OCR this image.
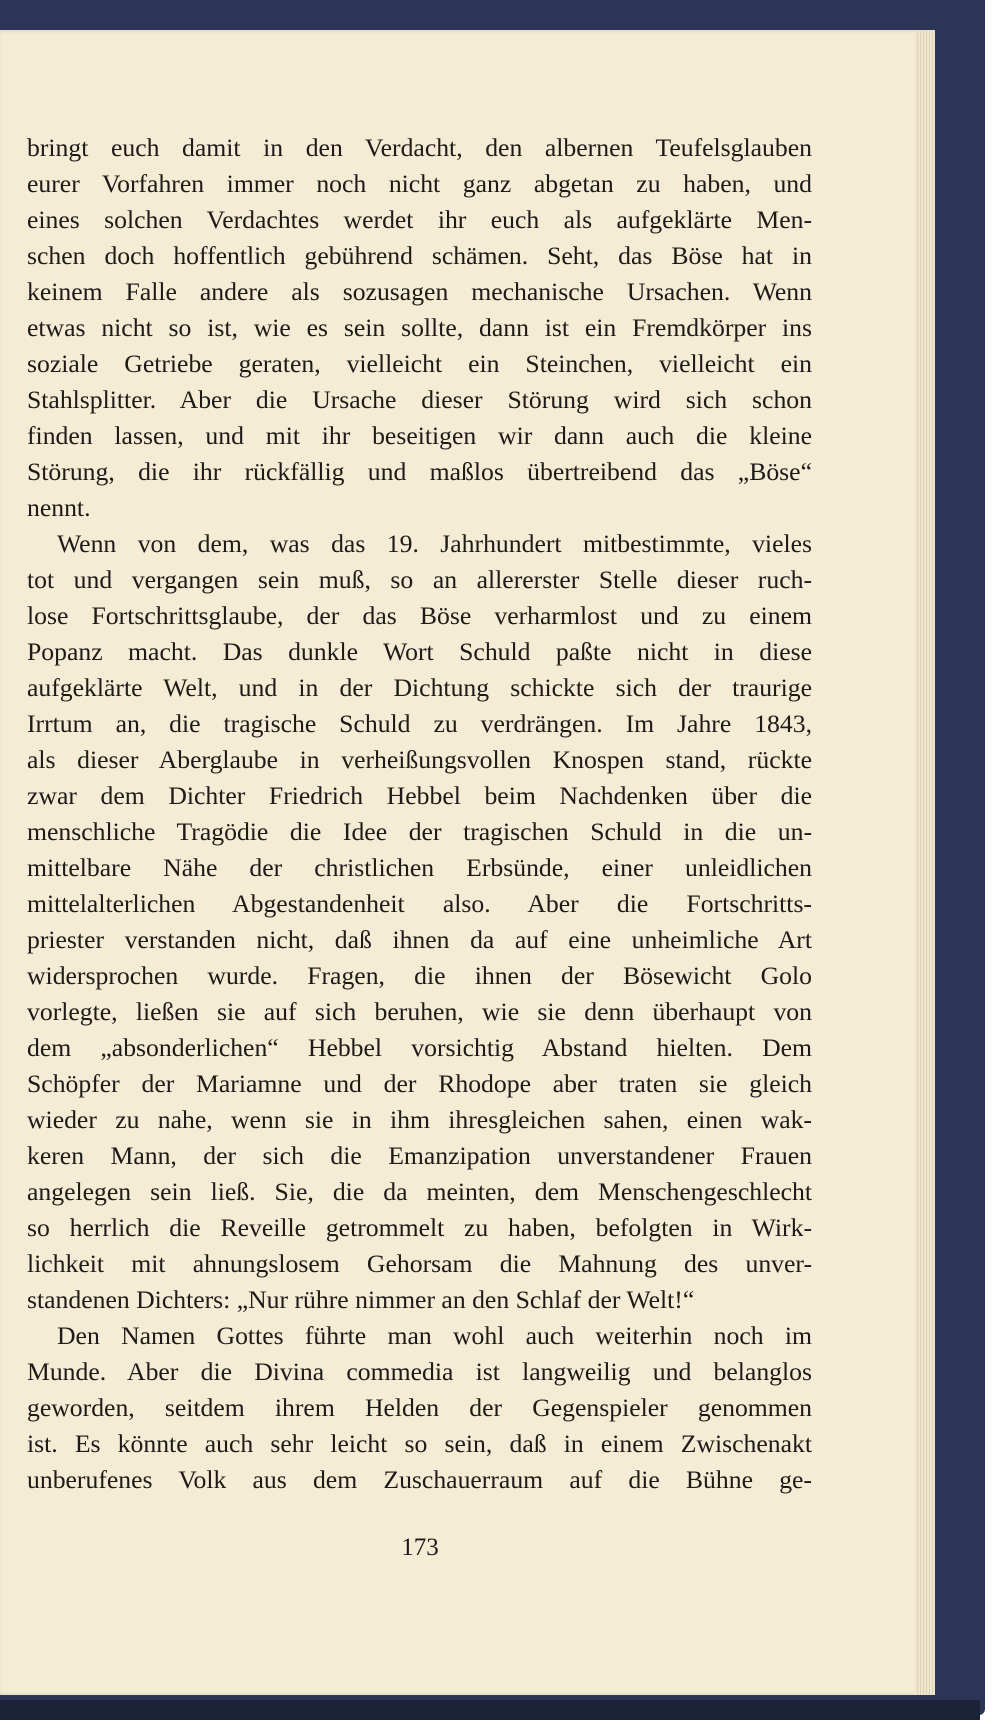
bringt euch damit in den Verdacht, den albernen Teufelsglauben
eurer Vorfahren immer noch nicht ganz abgetan zu haben, und
eines solchen Verdachtes werdet ihr euch als aufgeklärte Men-
schen doch hoffentlich gebührend schämen. Seht, das Böse hat in
keinem Falle andere als sozusagen mechanische Ursachen. Wenn
etwas nicht so ist, wie es sein sollte, dann ist ein Fremdkörper ins
soziale Getriebe geraten, vielleicht ein Steinchen, vielleicht ein
Stahlsplitter. Aber die Ursache dieser Störung wird sich schon
finden lassen, und mit ihr beseitigen wir dann auch die kleine
Störung, die ihr rückfällig und maßlos übertreibend das „Böse“
nennt.
Wenn von dem, was das 19. Jahrhundert mitbestimmte, vieles
tot und vergangen sein muß, so an allererster Stelle dieser ruch-
lose Fortschrittsglaube, der das Böse verharmlost und zu einem
Popanz macht. Das dunkle Wort Schuld paßte nicht in diese
aufgeklärte Welt, und in der Dichtung schickte sich der traurige
Irrtum an, die tragische Schuld zu verdrängen. Im Jahre 1843,
als dieser Aberglaube in verheißungsvollen Knospen stand, rückte
zwar dem Dichter Friedrich Hebbel beim Nachdenken über die
menschliche Tragödie die Idee der tragischen Schuld in die un-
mittelbare Nähe der christlichen Erbsünde, einer unleidlichen
mittelalterlichen Abgestandenheit also. Aber die Fortschritts-
priester verstanden nicht, daß ihnen da auf eine unheimliche Art
widersprochen wurde. Fragen, die ihnen der Bösewicht Golo
vorlegte, ließen sie auf sich beruhen, wie sie denn überhaupt von
dem „absonderlichen“ Hebbel vorsichtig Abstand hielten. Dem
Schöpfer der Mariamne und der Rhodope aber traten sie gleich
wieder zu nahe, wenn sie in ihm ihresgleichen sahen, einen wak-
keren Mann, der sich die Emanzipation unverstandener Frauen
angelegen sein ließ. Sie, die da meinten, dem Menschengeschlecht
so herrlich die Reveille getrommelt zu haben, befolgten in Wirk-
lichkeit mit ahnungslosem Gehorsam die Mahnung des unver-
standenen Dichters: „Nur rühre nimmer an den Schlaf der Welt!“
Den Namen Gottes führte man wohl auch weiterhin noch im
Munde. Aber die Divina commedia ist langweilig und belanglos
geworden, seitdem ihrem Helden der Gegenspieler genommen
ist. Es könnte auch sehr leicht so sein, daß in einem Zwischenakt
unberufenes Volk aus dem Zuschauerraum auf die Bühne ge-
173
